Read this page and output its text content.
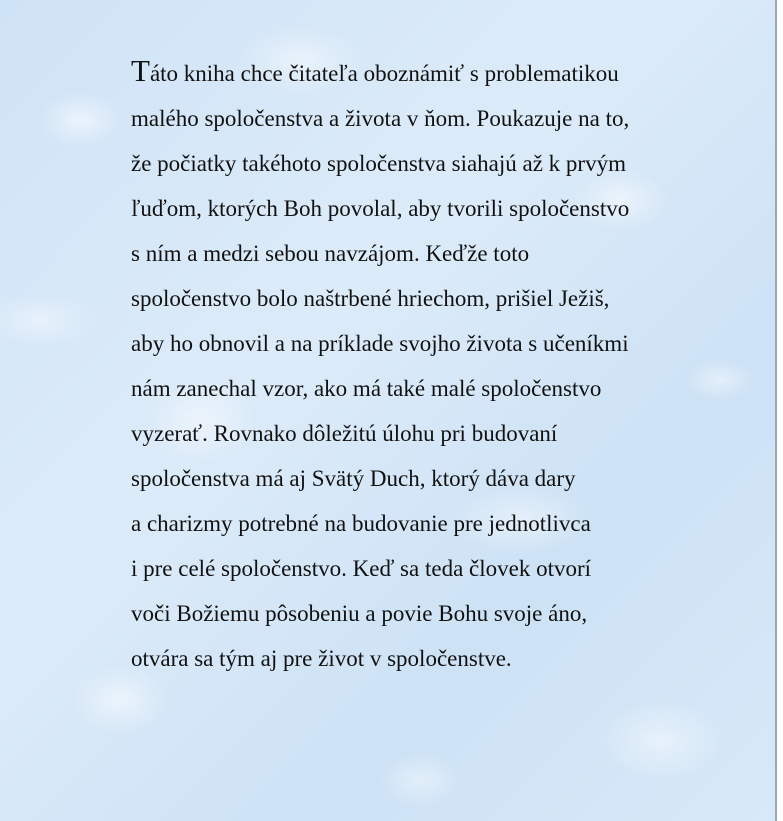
Táto kniha chce čitateľa oboznámiť s problematikou
malého spoločenstva a života v ňom. Poukazuje na to,
že počiatky takéhoto spoločenstva siahajú až k prvým
ľuďom, ktorých Boh povolal, aby tvorili spoločenstvo
s ním a medzi sebou navzájom. Keďže toto
spoločenstvo bolo naštrbené hriechom, prišiel Ježiš,
aby ho obnovil a na príklade svojho života s učeníkmi
nám zanechal vzor, ako má také malé spoločenstvo
vyzerať. Rovnako dôležitú úlohu pri budovaní
spoločenstva má aj Svätý Duch, ktorý dáva dary
a charizmy potrebné na budovanie pre jednotlivca
i pre celé spoločenstvo. Keď sa teda človek otvorí
voči Božiemu pôsobeniu a povie Bohu svoje áno,
otvára sa tým aj pre život v spoločenstve.
